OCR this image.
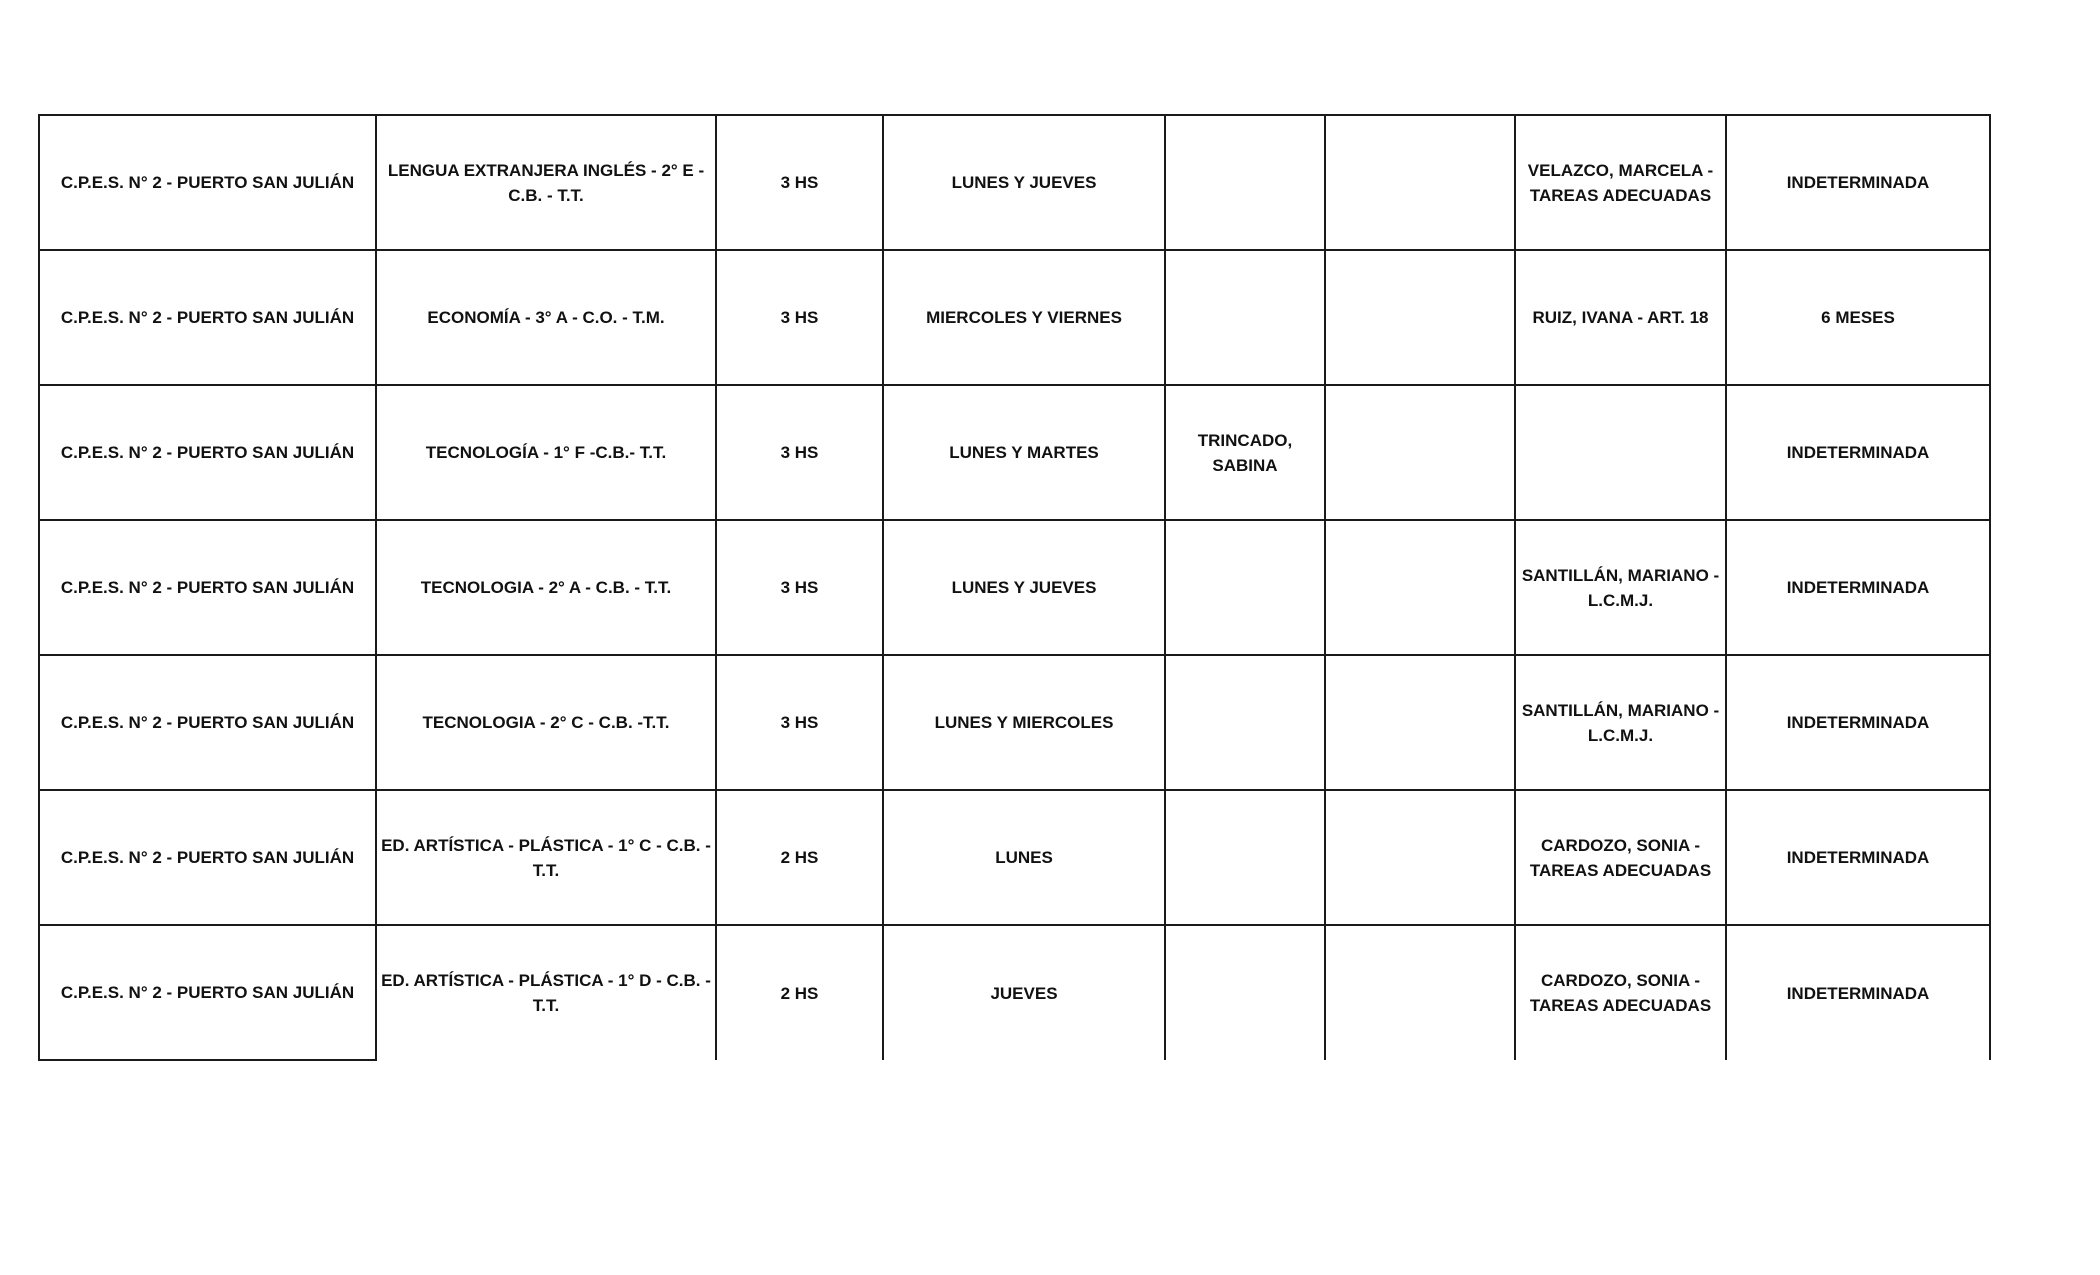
C.P.E.S. N° 2 - PUERTO SAN JULIÁN	LENGUA EXTRANJERA INGLÉS - 2° E - C.B. - T.T.	3 HS	LUNES Y JUEVES			VELAZCO, MARCELA - TAREAS ADECUADAS	INDETERMINADA
C.P.E.S. N° 2 - PUERTO SAN JULIÁN	ECONOMÍA - 3° A - C.O. - T.M.	3 HS	MIERCOLES Y VIERNES			RUIZ, IVANA - ART. 18	6 MESES
C.P.E.S. N° 2 - PUERTO SAN JULIÁN	TECNOLOGÍA - 1° F -C.B.- T.T.	3 HS	LUNES Y MARTES	TRINCADO, SABINA			INDETERMINADA
C.P.E.S. N° 2 - PUERTO SAN JULIÁN	TECNOLOGIA - 2° A - C.B. - T.T.	3 HS	LUNES Y JUEVES			SANTILLÁN, MARIANO - L.C.M.J.	INDETERMINADA
C.P.E.S. N° 2 - PUERTO SAN JULIÁN	TECNOLOGIA - 2° C - C.B. -T.T.	3 HS	LUNES Y MIERCOLES			SANTILLÁN, MARIANO - L.C.M.J.	INDETERMINADA
C.P.E.S. N° 2 - PUERTO SAN JULIÁN	ED. ARTÍSTICA - PLÁSTICA - 1° C - C.B. - T.T.	2 HS	LUNES			CARDOZO, SONIA - TAREAS ADECUADAS	INDETERMINADA
C.P.E.S. N° 2 - PUERTO SAN JULIÁN	ED. ARTÍSTICA - PLÁSTICA - 1° D - C.B. - T.T.	2 HS	JUEVES			CARDOZO, SONIA - TAREAS ADECUADAS	INDETERMINADA
